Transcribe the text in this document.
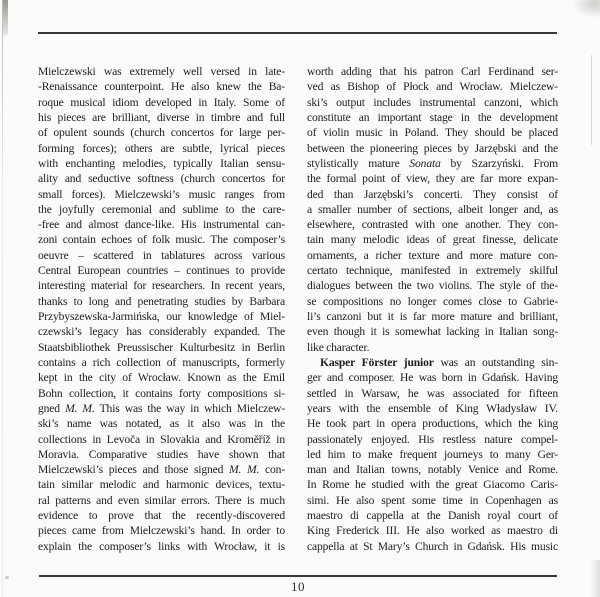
Mielczewski was extremely well versed in late-
-Renaissance counterpoint. He also knew the Ba-
roque musical idiom developed in Italy. Some of
his pieces are brilliant, diverse in timbre and full
of opulent sounds (church concertos for large per-
forming forces); others are subtle, lyrical pieces
with enchanting melodies, typically Italian sensu-
ality and seductive softness (church concertos for
small forces). Mielczewski’s music ranges from
the joyfully ceremonial and sublime to the care-
-free and almost dance-like. His instrumental can-
zoni contain echoes of folk music. The composer’s
oeuvre – scattered in tablatures across various
Central European countries – continues to provide
interesting material for researchers. In recent years,
thanks to long and penetrating studies by Barbara
Przybyszewska-Jarmińska, our knowledge of Miel-
czewski’s legacy has considerably expanded. The
Staatsbibliothek Preussischer Kulturbesitz in Berlin
contains a rich collection of manuscripts, formerly
kept in the city of Wrocław. Known as the Emil
Bohn collection, it contains forty compositions si-
gned M. M. This was the way in which Mielczew-
ski’s name was notated, as it also was in the
collections in Levoča in Slovakia and Kroměříž in
Moravia. Comparative studies have shown that
Mielczewski’s pieces and those signed M. M. con-
tain similar melodic and harmonic devices, textu-
ral patterns and even similar errors. There is much
evidence to prove that the recently-discovered
pieces came from Mielczewski’s hand. In order to
explain the composer’s links with Wrocław, it is
worth adding that his patron Carl Ferdinand ser-
ved as Bishop of Płock and Wrocław. Mielczew-
ski’s output includes instrumental canzoni, which
constitute an important stage in the development
of violin music in Poland. They should be placed
between the pioneering pieces by Jarzębski and the
stylistically mature Sonata by Szarzyński. From
the formal point of view, they are far more expan-
ded than Jarzębski’s concerti. They consist of
a smaller number of sections, albeit longer and, as
elsewhere, contrasted with one another. They con-
tain many melodic ideas of great finesse, delicate
ornaments, a richer texture and more mature con-
certato technique, manifested in extremely skilful
dialogues between the two violins. The style of the-
se compositions no longer comes close to Gabrie-
li’s canzoni but it is far more mature and brilliant,
even though it is somewhat lacking in Italian song-
like character.
Kasper Förster junior was an outstanding sin-
ger and composer. He was born in Gdańsk. Having
settled in Warsaw, he was associated for fifteen
years with the ensemble of King Władysław IV.
He took part in opera productions, which the king
passionately enjoyed. His restless nature compel-
led him to make frequent journeys to many Ger-
man and Italian towns, notably Venice and Rome.
In Rome he studied with the great Giacomo Caris-
simi. He also spent some time in Copenhagen as
maestro di cappella at the Danish royal court of
King Frederick III. He also worked as maestro di
cappella at St Mary’s Church in Gdańsk. His music
10
